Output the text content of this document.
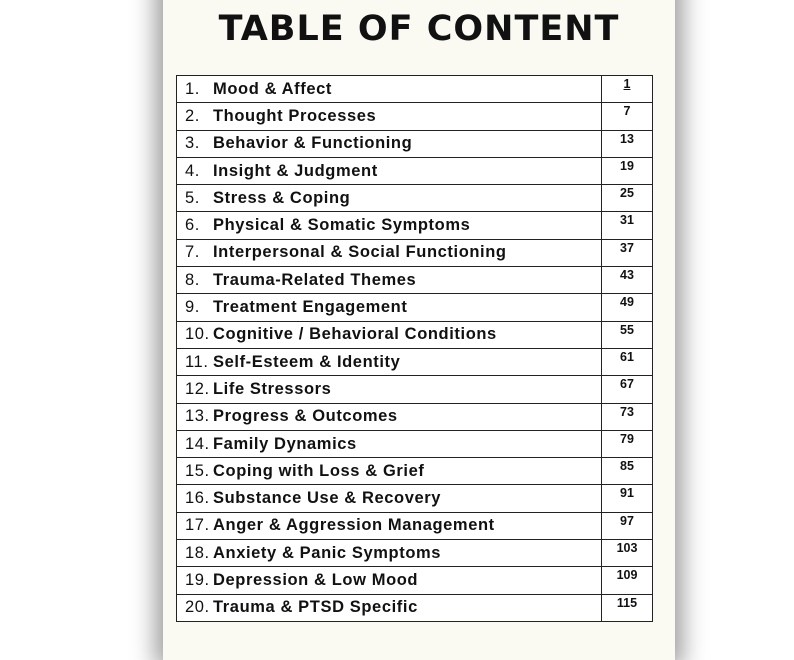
TABLE OF CONTENT
1. Mood & Affect	1
2. Thought Processes	7
3. Behavior & Functioning	13
4. Insight & Judgment	19
5. Stress & Coping	25
6. Physical & Somatic Symptoms	31
7. Interpersonal & Social Functioning	37
8. Trauma-Related Themes	43
9. Treatment Engagement	49
10. Cognitive / Behavioral Conditions	55
11. Self-Esteem & Identity	61
12. Life Stressors	67
13. Progress & Outcomes	73
14. Family Dynamics	79
15. Coping with Loss & Grief	85
16. Substance Use & Recovery	91
17. Anger & Aggression Management	97
18. Anxiety & Panic Symptoms	103
19. Depression & Low Mood	109
20. Trauma & PTSD Specific	115
